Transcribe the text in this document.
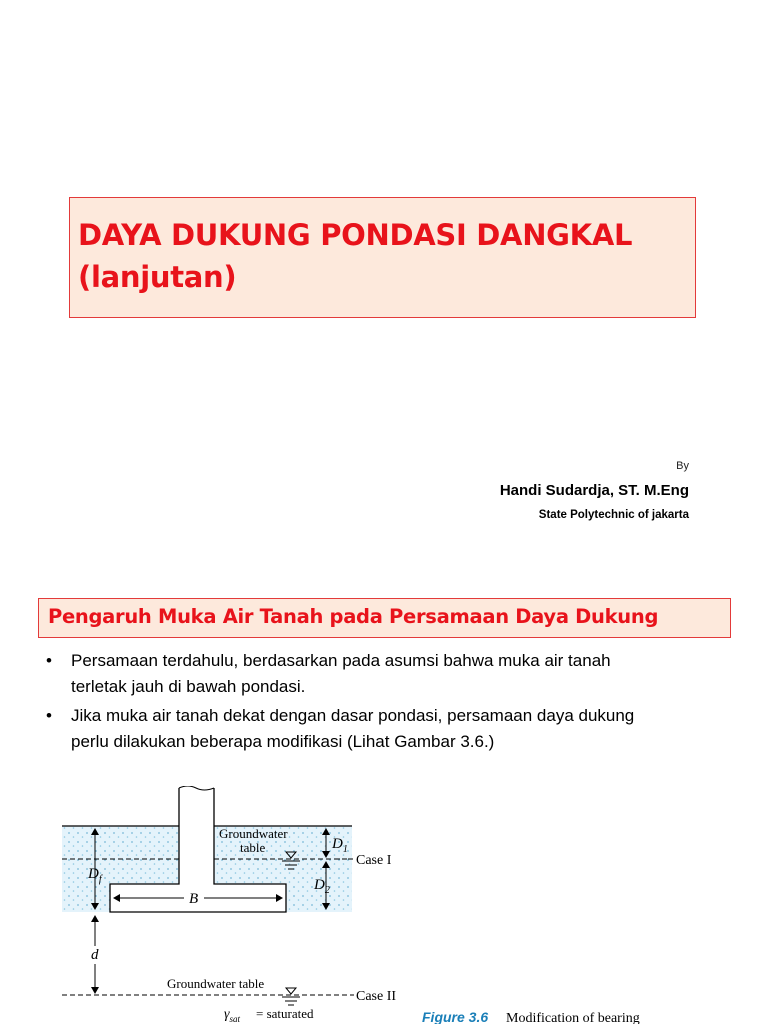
DAYA DUKUNG PONDASI DANGKAL
(lanjutan)
By
Handi Sudardja, ST. M.Eng
State Polytechnic of jakarta
Pengaruh Muka Air Tanah pada Persamaan Daya Dukung
• Persamaan terdahulu, berdasarkan pada asumsi bahwa muka air tanah
terletak jauh di bawah pondasi.
• Jika muka air tanah dekat dengan dasar pondasi, persamaan daya dukung
perlu dilakukan beberapa modifikasi (Lihat Gambar 3.6.)
Groundwater
table
$D_f$
$D_1$
$D_2$
Case I
B
d
Groundwater table
Case II
$\gamma_{sat}$ = saturated	Figure 3.6 Modification of bearing
